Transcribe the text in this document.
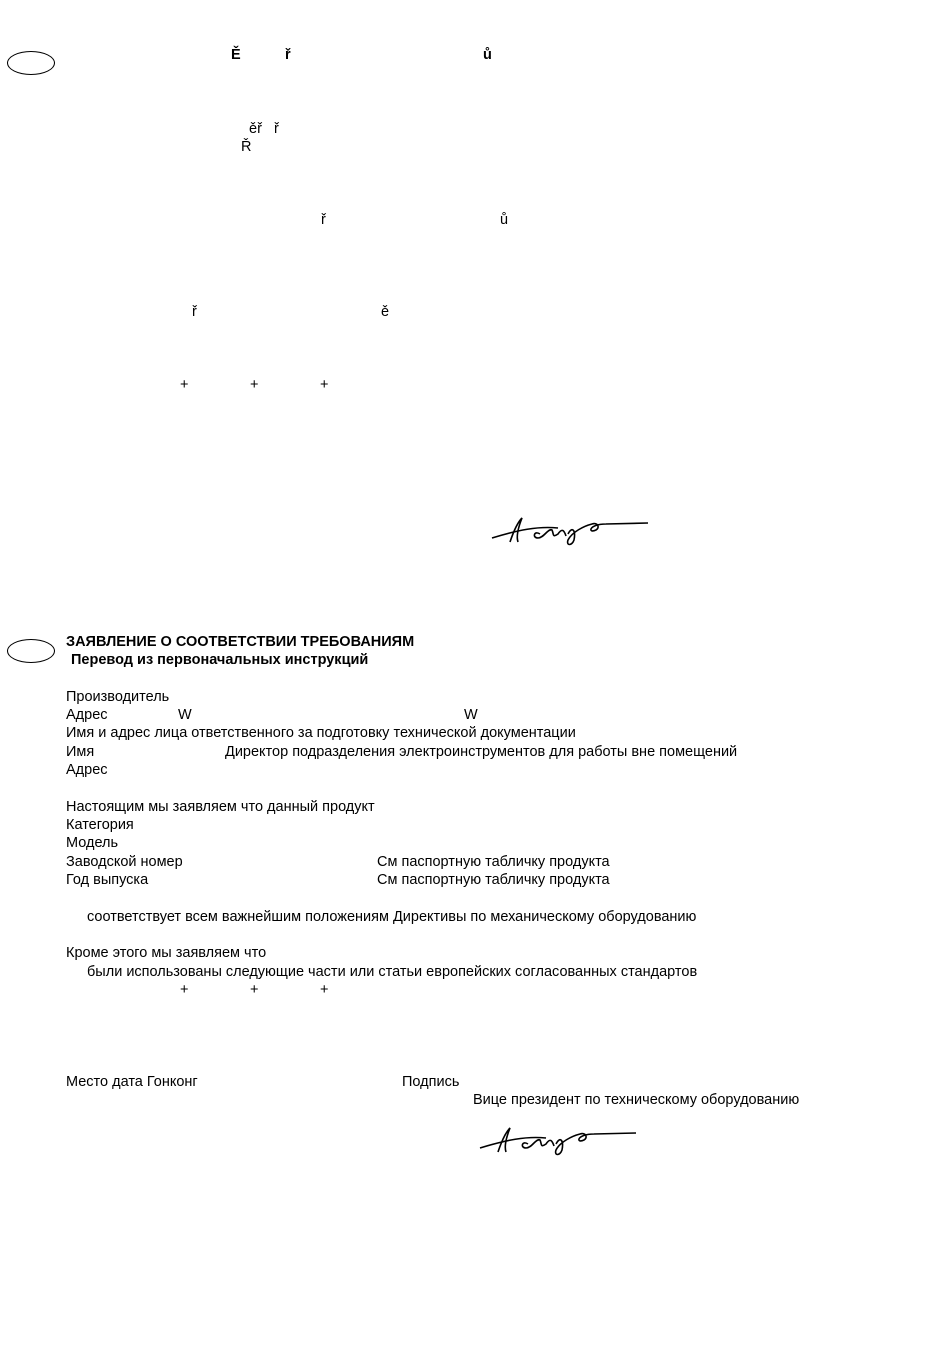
Ě	ř	ů
ěř   ř
Ř
ř	ů
ř	ě
+	+	+
ЗАЯВЛЕНИЕ О СООТВЕТСТВИИ ТРЕБОВАНИЯМ
Перевод из первоначальных инструкций
Производитель
Адрес	W	W
Имя и адрес лица ответственного за подготовку технической документации
Имя	Директор подразделения электроинструментов для работы вне помещений
Адрес
Настоящим мы заявляем что данный продукт
Категория
Модель
Заводской номер	См паспортную табличку продукта
Год выпуска	См паспортную табличку продукта
соответствует всем важнейшим положениям Директивы по механическому оборудованию
Кроме этого мы заявляем что
были использованы следующие части или статьи европейских согласованных стандартов
+	+	+
Место дата Гонконг	Подпись
Вице президент по техническому оборудованию
